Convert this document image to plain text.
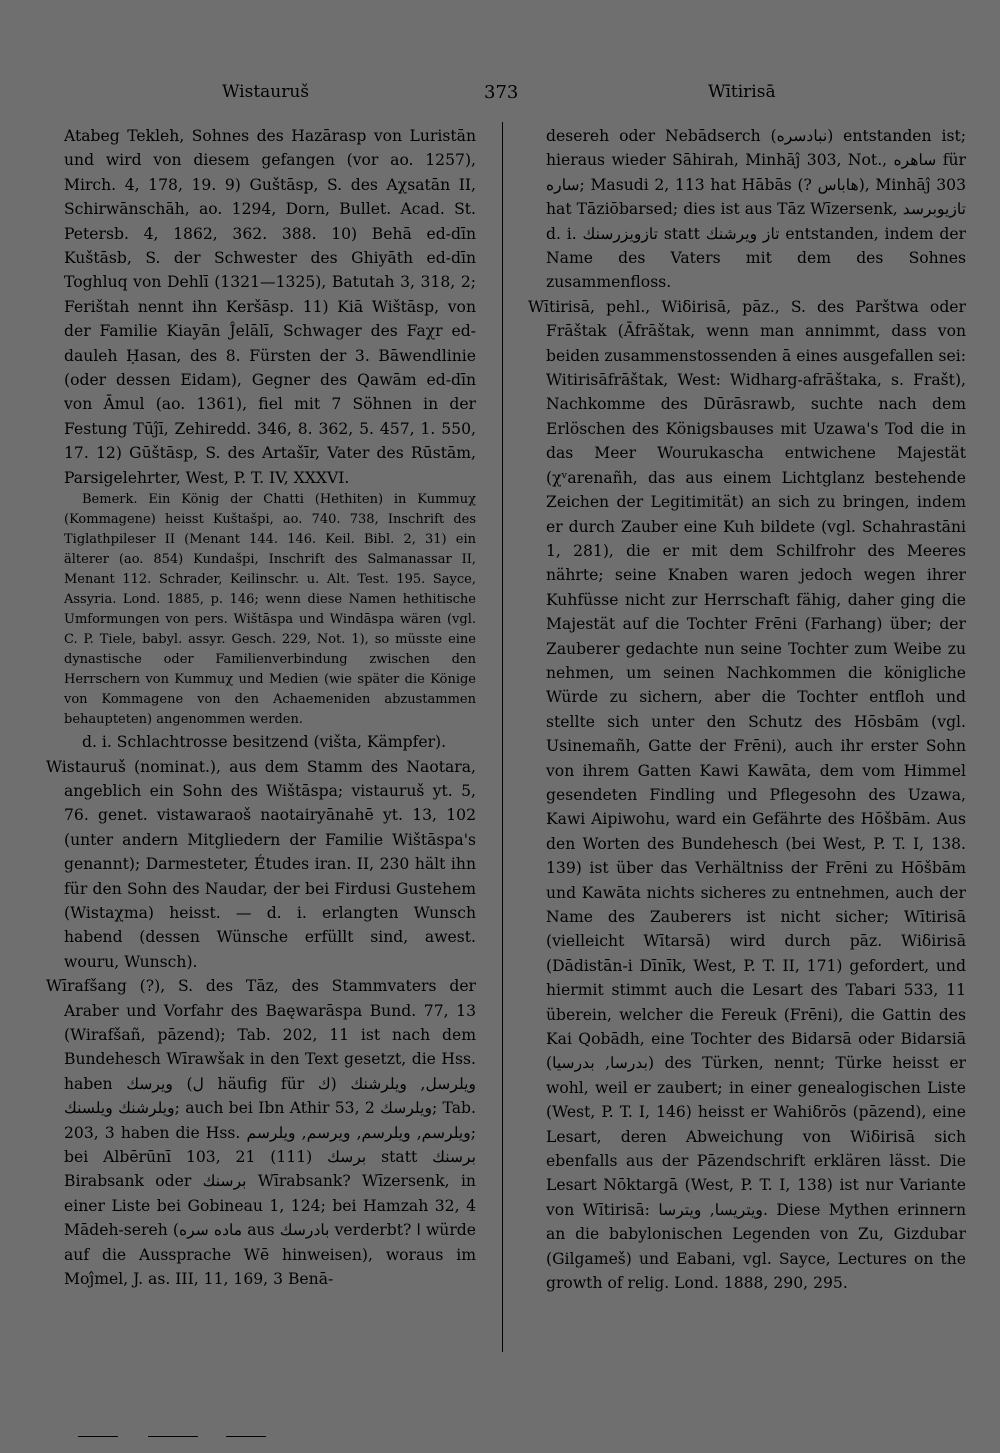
Wistauruš	373	Wītirisā

Atabeg Tekleh, Sohnes des Hazārasp von Luristān und wird von diesem gefangen (vor ao. 1257), Mirch. 4, 178, 19. 9) Guštāsp, S. des Aχsatān II, Schirwānschāh, ao. 1294, Dorn, Bullet. Acad. St. Petersb. 4, 1862, 362. 388. 10) Behā ed-dīn Kuštāsb, S. der Schwester des Ghiyāth ed-dīn Toghluq von Dehlī (1321—1325), Batutah 3, 318, 2; Ferištah nennt ihn Keršāsp. 11) Kiā Wištāsp, von der Familie Kiayān Ĵelālī, Schwager des Faχr ed-dauleh Ḥasan, des 8. Fürsten der 3. Bāwendlinie (oder dessen Eidam), Gegner des Qawām ed-dīn von Āmul (ao. 1361), fiel mit 7 Söhnen in der Festung Tūĵī, Zehiredd. 346, 8. 362, 5. 457, 1. 550, 17. 12) Gūštāsp, S. des Artašīr, Vater des Rūstām, Parsigelehrter, West, P. T. IV, XXXVI.

Bemerk. Ein König der Chatti (Hethiten) in Kummuχ (Kommagene) heisst Kuštašpi, ao. 740. 738, Inschrift des Tiglathpileser II (Menant 144. 146. Keil. Bibl. 2, 31) ein älterer (ao. 854) Kundašpi, Inschrift des Salmanassar II, Menant 112. Schrader, Keilinschr. u. Alt. Test. 195. Sayce, Assyria. Lond. 1885, p. 146; wenn diese Namen hethitische Umformungen von pers. Wištāspa und Windāspa wären (vgl. C. P. Tiele, babyl. assyr. Gesch. 229, Not. 1), so müsste eine dynastische oder Familienverbindung zwischen den Herrschern von Kummuχ und Medien (wie später die Könige von Kommagene von den Achaemeniden abzustammen behaupteten) angenommen werden.

d. i. Schlachtrosse besitzend (višta, Kämpfer).

Wistauruš (nominat.), aus dem Stamm des Naotara, angeblich ein Sohn des Wištāspa; vistauruš yt. 5, 76. genet. vistawaraoš naotairyānahē yt. 13, 102 (unter andern Mitgliedern der Familie Wištāspa's genannt); Darmesteter, Études iran. II, 230 hält ihn für den Sohn des Naudar, der bei Firdusi Gustehem (Wistaχma) heisst. — d. i. erlangten Wunsch habend (dessen Wünsche erfüllt sind, awest. wouru, Wunsch).

Wīrafšang (?), S. des Tāz, des Stammvaters der Araber und Vorfahr des Baęwarāspa Bund. 77, 13 (Wirafšañ, pāzend); Tab. 202, 11 ist nach dem Bundehesch Wīrawšak in den Text gesetzt, die Hss. haben ويرسك (ل häufig für ك) ويلرسل, ويلرشنك ويلرشنك ويلسنك; auch bei Ibn Athir 53, 2 ويلرسك; Tab. 203, 3 haben die Hss. ويلرسم, ويلرسم, ويرسم, ويلرسم; bei Albērūnī 103, 21 (111) برسك statt برسنك Birabsank oder برسنك Wīrabsank? Wīzersenk, in einer Liste bei Gobineau 1, 124; bei Hamzah 32, 4 Mādeh-sereh (ماده سره aus بادرسك verderbt? ا würde auf die Aussprache Wē hinweisen), woraus im Moĵmel, J. as. III, 11, 169, 3 Benā-

desereh oder Nebādserch (نبادسره) entstanden ist; hieraus wieder Sāhirah, Minhāĵ 303, Not., ساهره für ساره; Masudi 2, 113 hat Hābās (? هاباس), Minhāĵ 303 hat Tāziōbarsed; dies ist aus Tāz Wīzersenk, تازيوبرسد d. i. تازويزرسنك statt تاز ويرشنك entstanden, indem der Name des Vaters mit dem des Sohnes zusammenfloss.

Wītirisā, pehl., Wiδirisā, pāz., S. des Parštwa oder Frāštak (Āfrāštak, wenn man annimmt, dass von beiden zusammenstossenden ā eines ausgefallen sei: Witirisāfrāštak, West: Widharg-afrāštaka, s. Frašt), Nachkomme des Dūrāsrawb, suchte nach dem Erlöschen des Königsbauses mit Uzawa's Tod die in das Meer Wourukascha entwichene Majestät (χᵛarenañh, das aus einem Lichtglanz bestehende Zeichen der Legitimität) an sich zu bringen, indem er durch Zauber eine Kuh bildete (vgl. Schahrastāni 1, 281), die er mit dem Schilfrohr des Meeres nährte; seine Knaben waren jedoch wegen ihrer Kuhfüsse nicht zur Herrschaft fähig, daher ging die Majestät auf die Tochter Frēni (Farhang) über; der Zauberer gedachte nun seine Tochter zum Weibe zu nehmen, um seinen Nachkommen die königliche Würde zu sichern, aber die Tochter entfloh und stellte sich unter den Schutz des Hōsbām (vgl. Usinemañh, Gatte der Frēni), auch ihr erster Sohn von ihrem Gatten Kawi Kawāta, dem vom Himmel gesendeten Findling und Pflegesohn des Uzawa, Kawi Aipiwohu, ward ein Gefährte des Hōšbām. Aus den Worten des Bundehesch (bei West, P. T. I, 138. 139) ist über das Verhältniss der Frēni zu Hōšbām und Kawāta nichts sicheres zu entnehmen, auch der Name des Zauberers ist nicht sicher; Wītirisā (vielleicht Wītarsā) wird durch pāz. Wiδirisā (Dādistān-i Dīnīk, West, P. T. II, 171) gefordert, und hiermit stimmt auch die Lesart des Tabari 533, 11 überein, welcher die Fereuk (Frēni), die Gattin des Kai Qobādh, eine Tochter des Bidarsā oder Bidarsiā (بدرسا, بدرسيا) des Türken, nennt; Türke heisst er wohl, weil er zaubert; in einer genealogischen Liste (West, P. T. I, 146) heisst er Wahiδrōs (pāzend), eine Lesart, deren Abweichung von Wiδirisā sich ebenfalls aus der Pāzendschrift erklären lässt. Die Lesart Nōktargā (West, P. T. I, 138) ist nur Variante von Wītirisā: ويتريسا, ويترسا. Diese Mythen erinnern an die babylonischen Legenden von Zu, Gizdubar (Gilgameš) und Eabani, vgl. Sayce, Lectures on the growth of relig. Lond. 1888, 290, 295.
